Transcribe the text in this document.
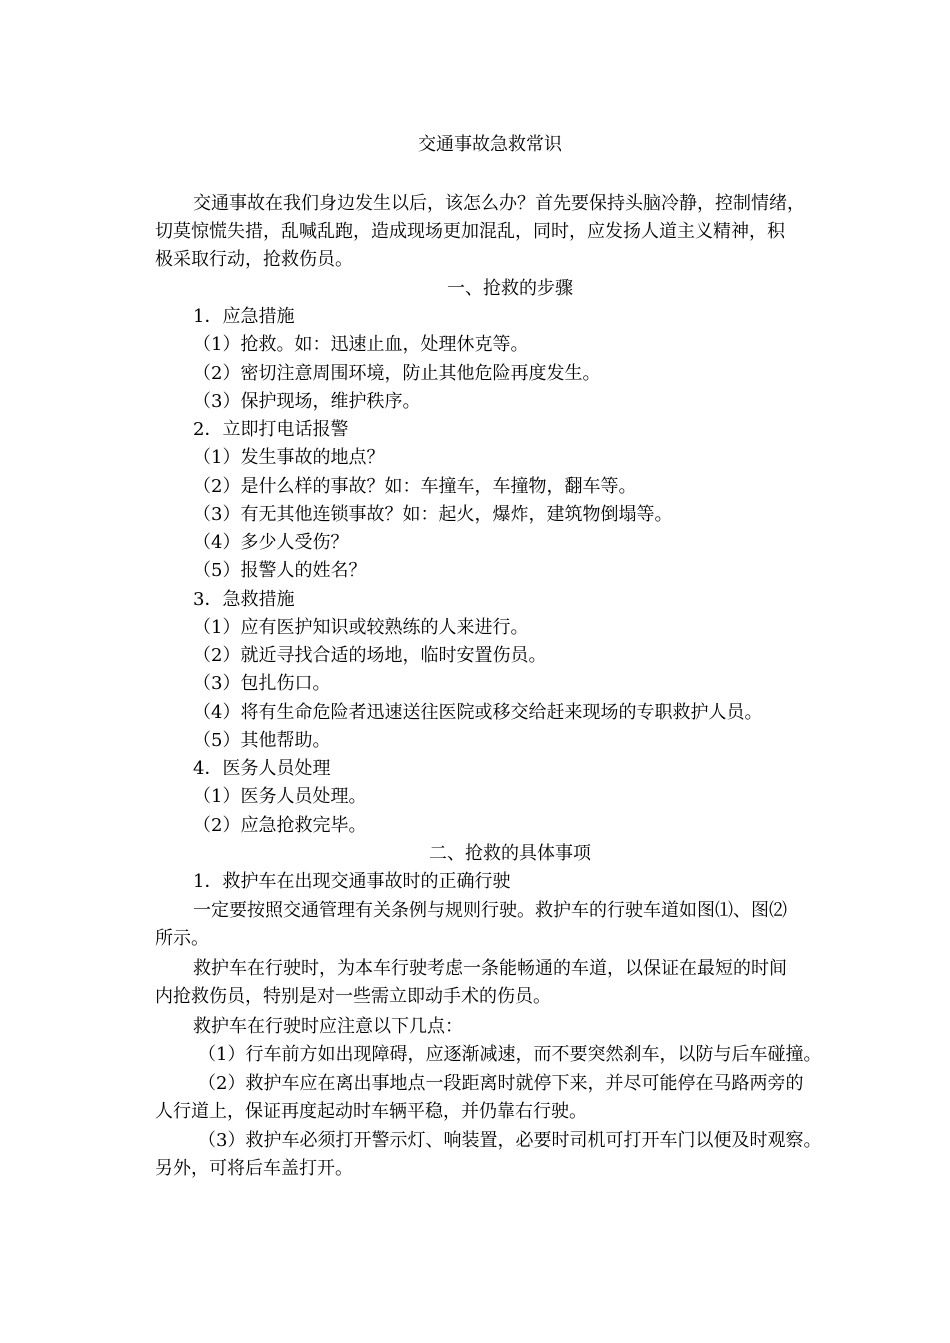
交通事故急救常识
交通事故在我们身边发生以后，该怎么办？首先要保持头脑冷静，控制情绪，
切莫惊慌失措，乱喊乱跑，造成现场更加混乱，同时，应发扬人道主义精神，积
极采取行动，抢救伤员。
一、抢救的步骤
1．应急措施
（1）抢救。如：迅速止血，处理休克等。
（2）密切注意周围环境，防止其他危险再度发生。
（3）保护现场，维护秩序。
2．立即打电话报警
（1）发生事故的地点？
（2）是什么样的事故？如：车撞车，车撞物，翻车等。
（3）有无其他连锁事故？如：起火，爆炸，建筑物倒塌等。
（4）多少人受伤？
（5）报警人的姓名？
3．急救措施
（1）应有医护知识或较熟练的人来进行。
（2）就近寻找合适的场地，临时安置伤员。
（3）包扎伤口。
（4）将有生命危险者迅速送往医院或移交给赶来现场的专职救护人员。
（5）其他帮助。
4．医务人员处理
（1）医务人员处理。
（2）应急抢救完毕。
二、抢救的具体事项
1．救护车在出现交通事故时的正确行驶
一定要按照交通管理有关条例与规则行驶。救护车的行驶车道如图⑴、图⑵
所示。
救护车在行驶时，为本车行驶考虑一条能畅通的车道，以保证在最短的时间
内抢救伤员，特别是对一些需立即动手术的伤员。
救护车在行驶时应注意以下几点：
（1）行车前方如出现障碍，应逐渐减速，而不要突然刹车，以防与后车碰撞。
（2）救护车应在离出事地点一段距离时就停下来，并尽可能停在马路两旁的
人行道上，保证再度起动时车辆平稳，并仍靠右行驶。
（3）救护车必须打开警示灯、响装置，必要时司机可打开车门以便及时观察。
另外，可将后车盖打开。
